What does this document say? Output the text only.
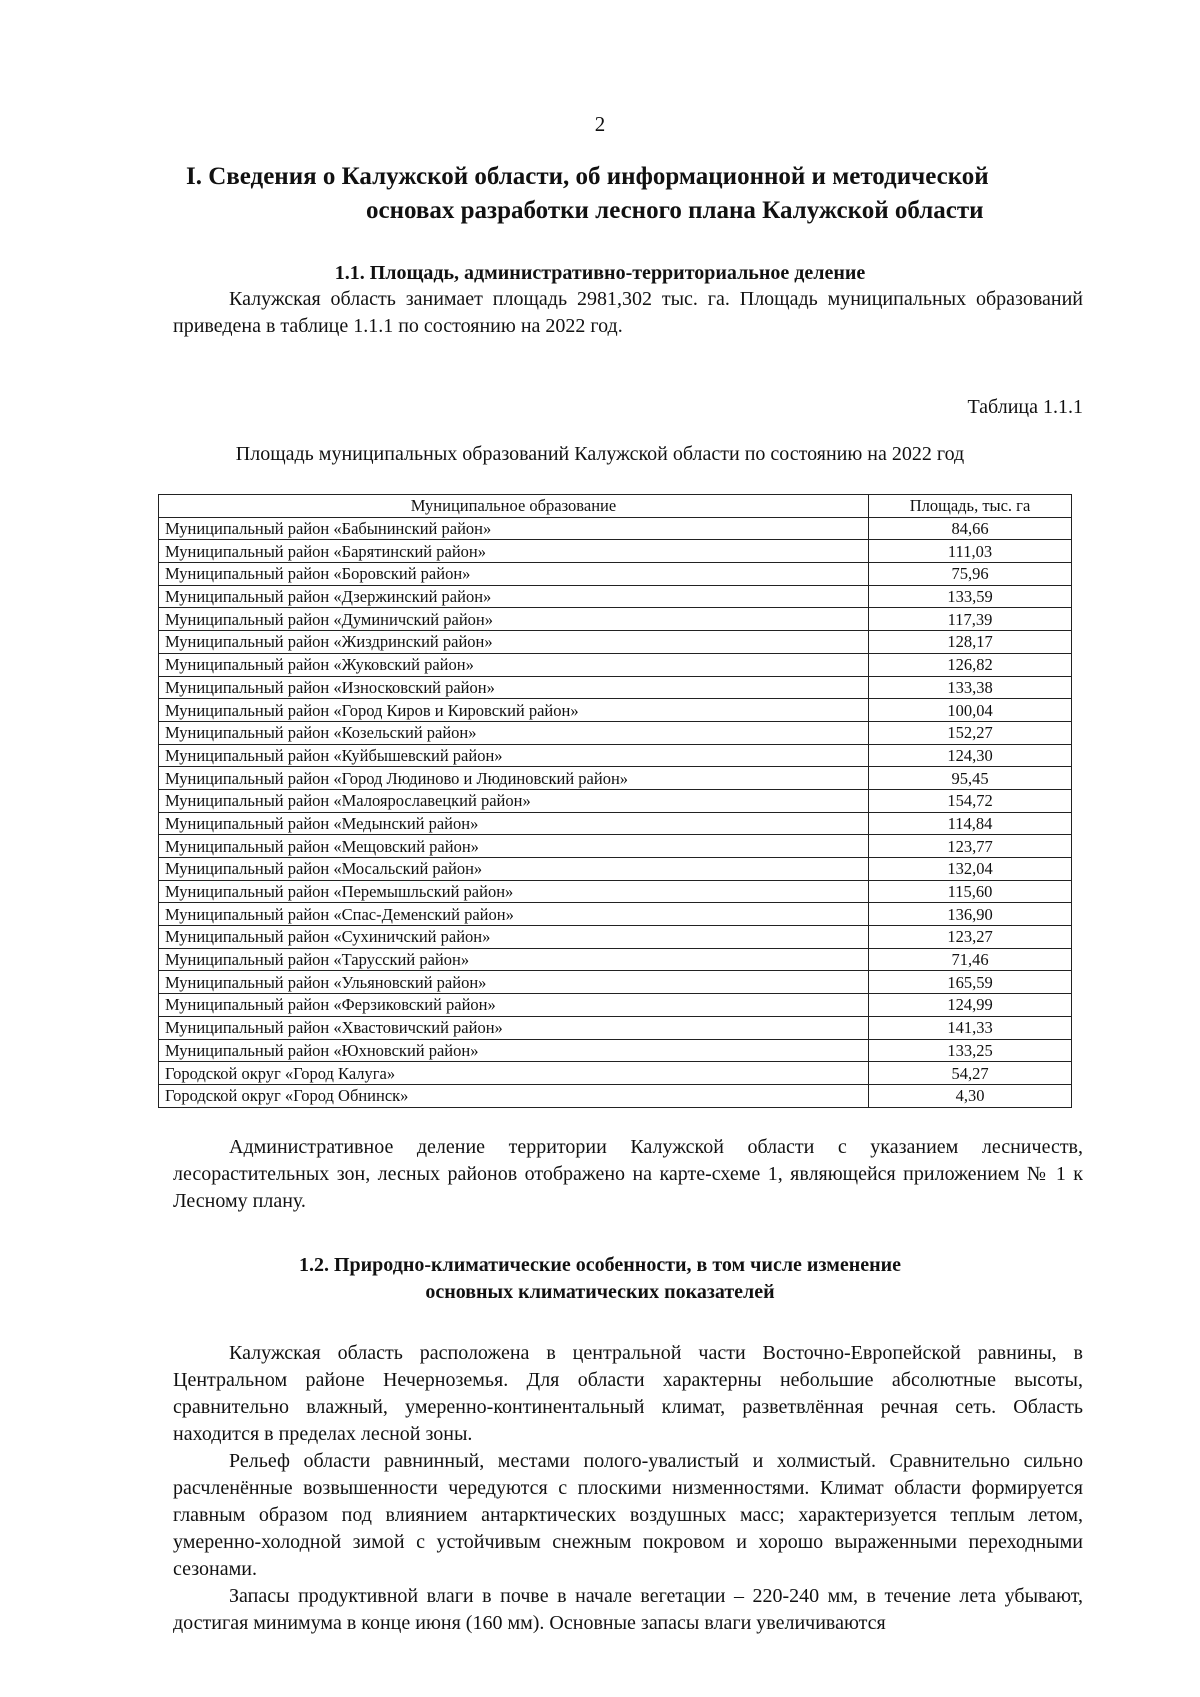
2
I. Сведения о Калужской области, об информационной и методической
основах разработки лесного плана Калужской области
1.1. Площадь, административно-территориальное деление
Калужская область занимает площадь 2981,302 тыс. га. Площадь муниципальных образований приведена в таблице 1.1.1 по состоянию на 2022 год.
Таблица 1.1.1
Площадь муниципальных образований Калужской области по состоянию на 2022 год
Муниципальное образование	Площадь, тыс. га
Муниципальный район «Бабынинский район»	84,66
Муниципальный район «Барятинский район»	111,03
Муниципальный район «Боровский район»	75,96
Муниципальный район «Дзержинский район»	133,59
Муниципальный район «Думиничский район»	117,39
Муниципальный район «Жиздринский район»	128,17
Муниципальный район «Жуковский район»	126,82
Муниципальный район «Износковский район»	133,38
Муниципальный район «Город Киров и Кировский район»	100,04
Муниципальный район «Козельский район»	152,27
Муниципальный район «Куйбышевский район»	124,30
Муниципальный район «Город Людиново и Людиновский район»	95,45
Муниципальный район «Малоярославецкий район»	154,72
Муниципальный район «Медынский район»	114,84
Муниципальный район «Мещовский район»	123,77
Муниципальный район «Мосальский район»	132,04
Муниципальный район «Перемышльский район»	115,60
Муниципальный район «Спас-Деменский район»	136,90
Муниципальный район «Сухиничский район»	123,27
Муниципальный район «Тарусский район»	71,46
Муниципальный район «Ульяновский район»	165,59
Муниципальный район «Ферзиковский район»	124,99
Муниципальный район «Хвастовичский район»	141,33
Муниципальный район «Юхновский район»	133,25
Городской округ «Город Калуга»	54,27
Городской округ «Город Обнинск»	4,30
Административное деление территории Калужской области с указанием лесничеств, лесорастительных зон, лесных районов отображено на карте-схеме 1, являющейся приложением № 1 к Лесному плану.
1.2. Природно-климатические особенности, в том числе изменение
основных климатических показателей
Калужская область расположена в центральной части Восточно-Европейской равнины, в Центральном районе Нечерноземья. Для области характерны небольшие абсолютные высоты, сравнительно влажный, умеренно-континентальный климат, разветвлённая речная сеть. Область находится в пределах лесной зоны.
Рельеф области равнинный, местами полого-увалистый и холмистый. Сравнительно сильно расчленённые возвышенности чередуются с плоскими низменностями. Климат области формируется главным образом под влиянием антарктических воздушных масс; характеризуется теплым летом, умеренно-холодной зимой с устойчивым снежным покровом и хорошо выраженными переходными сезонами.
Запасы продуктивной влаги в почве в начале вегетации – 220-240 мм, в течение лета убывают, достигая минимума в конце июня (160 мм). Основные запасы влаги увеличиваются
